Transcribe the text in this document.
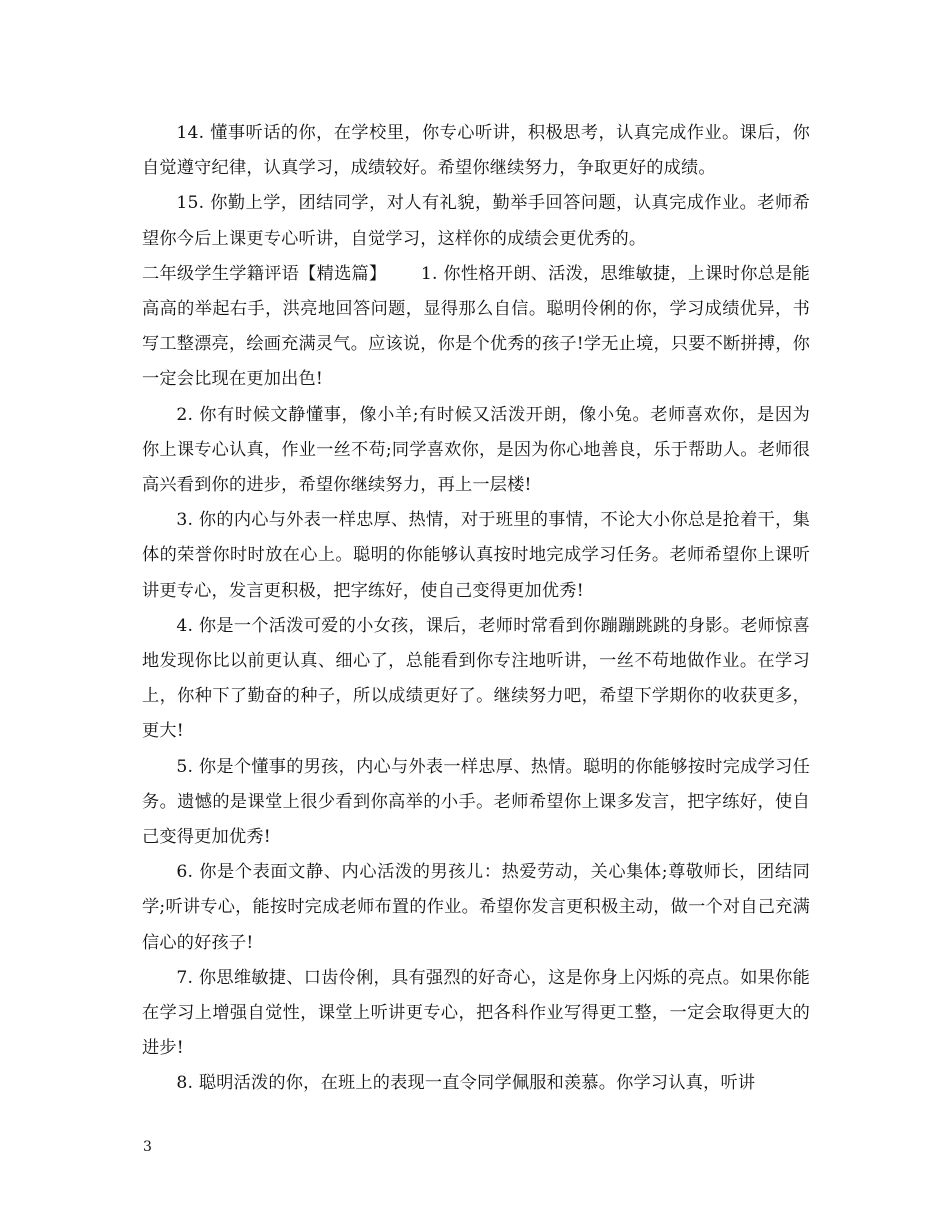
14. 懂事听话的你，在学校里，你专心听讲，积极思考，认真完成作业。课后，你自觉遵守纪律，认真学习，成绩较好。希望你继续努力，争取更好的成绩。

15. 你勤上学，团结同学，对人有礼貌，勤举手回答问题，认真完成作业。老师希望你今后上课更专心听讲，自觉学习，这样你的成绩会更优秀的。

二年级学生学籍评语【精选篇】 1. 你性格开朗、活泼，思维敏捷，上课时你总是能高高的举起右手，洪亮地回答问题，显得那么自信。聪明伶俐的你，学习成绩优异，书写工整漂亮，绘画充满灵气。应该说，你是个优秀的孩子!学无止境，只要不断拼搏，你一定会比现在更加出色!

2. 你有时候文静懂事，像小羊;有时候又活泼开朗，像小兔。老师喜欢你，是因为你上课专心认真，作业一丝不苟;同学喜欢你，是因为你心地善良，乐于帮助人。老师很高兴看到你的进步，希望你继续努力，再上一层楼!

3. 你的内心与外表一样忠厚、热情，对于班里的事情，不论大小你总是抢着干，集体的荣誉你时时放在心上。聪明的你能够认真按时地完成学习任务。老师希望你上课听讲更专心，发言更积极，把字练好，使自己变得更加优秀!

4. 你是一个活泼可爱的小女孩，课后，老师时常看到你蹦蹦跳跳的身影。老师惊喜地发现你比以前更认真、细心了，总能看到你专注地听讲，一丝不苟地做作业。在学习上，你种下了勤奋的种子，所以成绩更好了。继续努力吧，希望下学期你的收获更多，更大!

5. 你是个懂事的男孩，内心与外表一样忠厚、热情。聪明的你能够按时完成学习任务。遗憾的是课堂上很少看到你高举的小手。老师希望你上课多发言，把字练好，使自己变得更加优秀!

6. 你是个表面文静、内心活泼的男孩儿：热爱劳动，关心集体;尊敬师长，团结同学;听讲专心，能按时完成老师布置的作业。希望你发言更积极主动，做一个对自己充满信心的好孩子!

7. 你思维敏捷、口齿伶俐，具有强烈的好奇心，这是你身上闪烁的亮点。如果你能在学习上增强自觉性，课堂上听讲更专心，把各科作业写得更工整，一定会取得更大的进步!

8. 聪明活泼的你，在班上的表现一直令同学佩服和羡慕。你学习认真，听讲

3
